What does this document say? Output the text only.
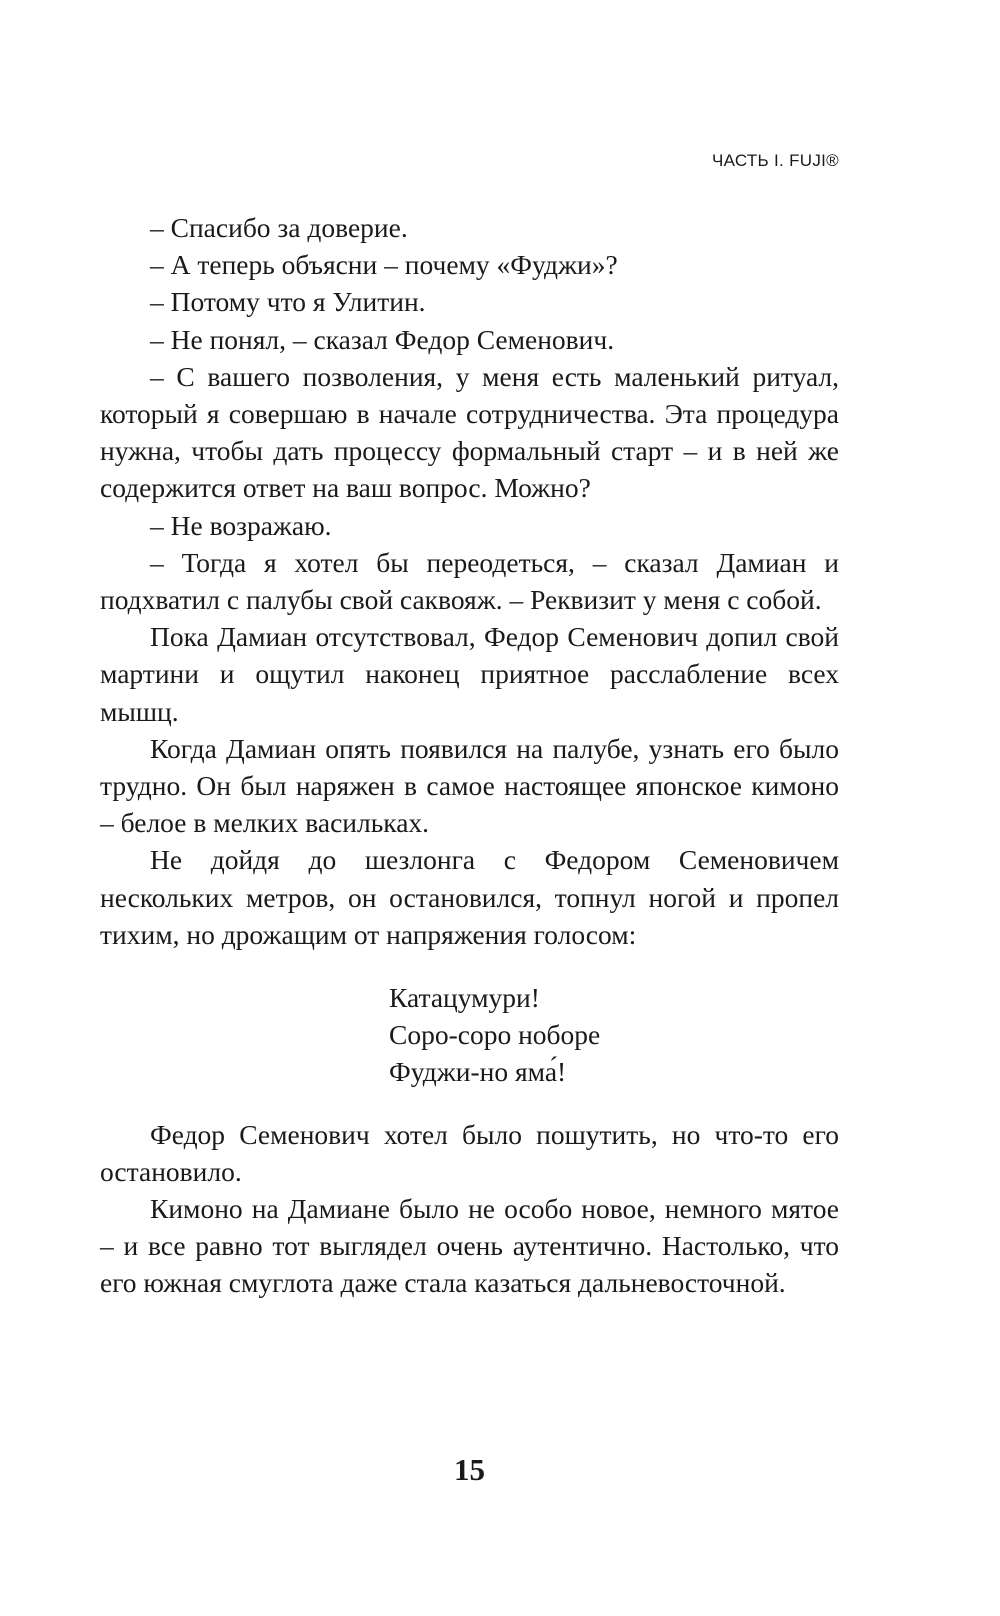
ЧАСТЬ I. FUJI®

– Спасибо за доверие.

– А теперь объясни – почему «Фуджи»?

– Потому что я Улитин.

– Не понял, – сказал Федор Семенович.

– С вашего позволения, у меня есть маленький ритуал, который я совершаю в начале сотрудничества. Эта процедура нужна, чтобы дать процессу формальный старт – и в ней же содержится ответ на ваш вопрос. Можно?

– Не возражаю.

– Тогда я хотел бы переодеться, – сказал Дамиан и подхватил с палубы свой саквояж. – Реквизит у меня с собой.

Пока Дамиан отсутствовал, Федор Семенович допил свой мартини и ощутил наконец приятное расслабление всех мышц.

Когда Дамиан опять появился на палубе, узнать его было трудно. Он был наряжен в самое настоящее японское кимоно – белое в мелких васильках.

Не дойдя до шезлонга с Федором Семеновичем нескольких метров, он остановился, топнул ногой и пропел тихим, но дрожащим от напряжения голосом:

Катацумури!
Соро-соро ноборе
Фуджи-но яма́!

Федор Семенович хотел было пошутить, но что-то его остановило.

Кимоно на Дамиане было не особо новое, немного мятое – и все равно тот выглядел очень аутентично. Настолько, что его южная смуглота даже стала казаться дальневосточной.

15
